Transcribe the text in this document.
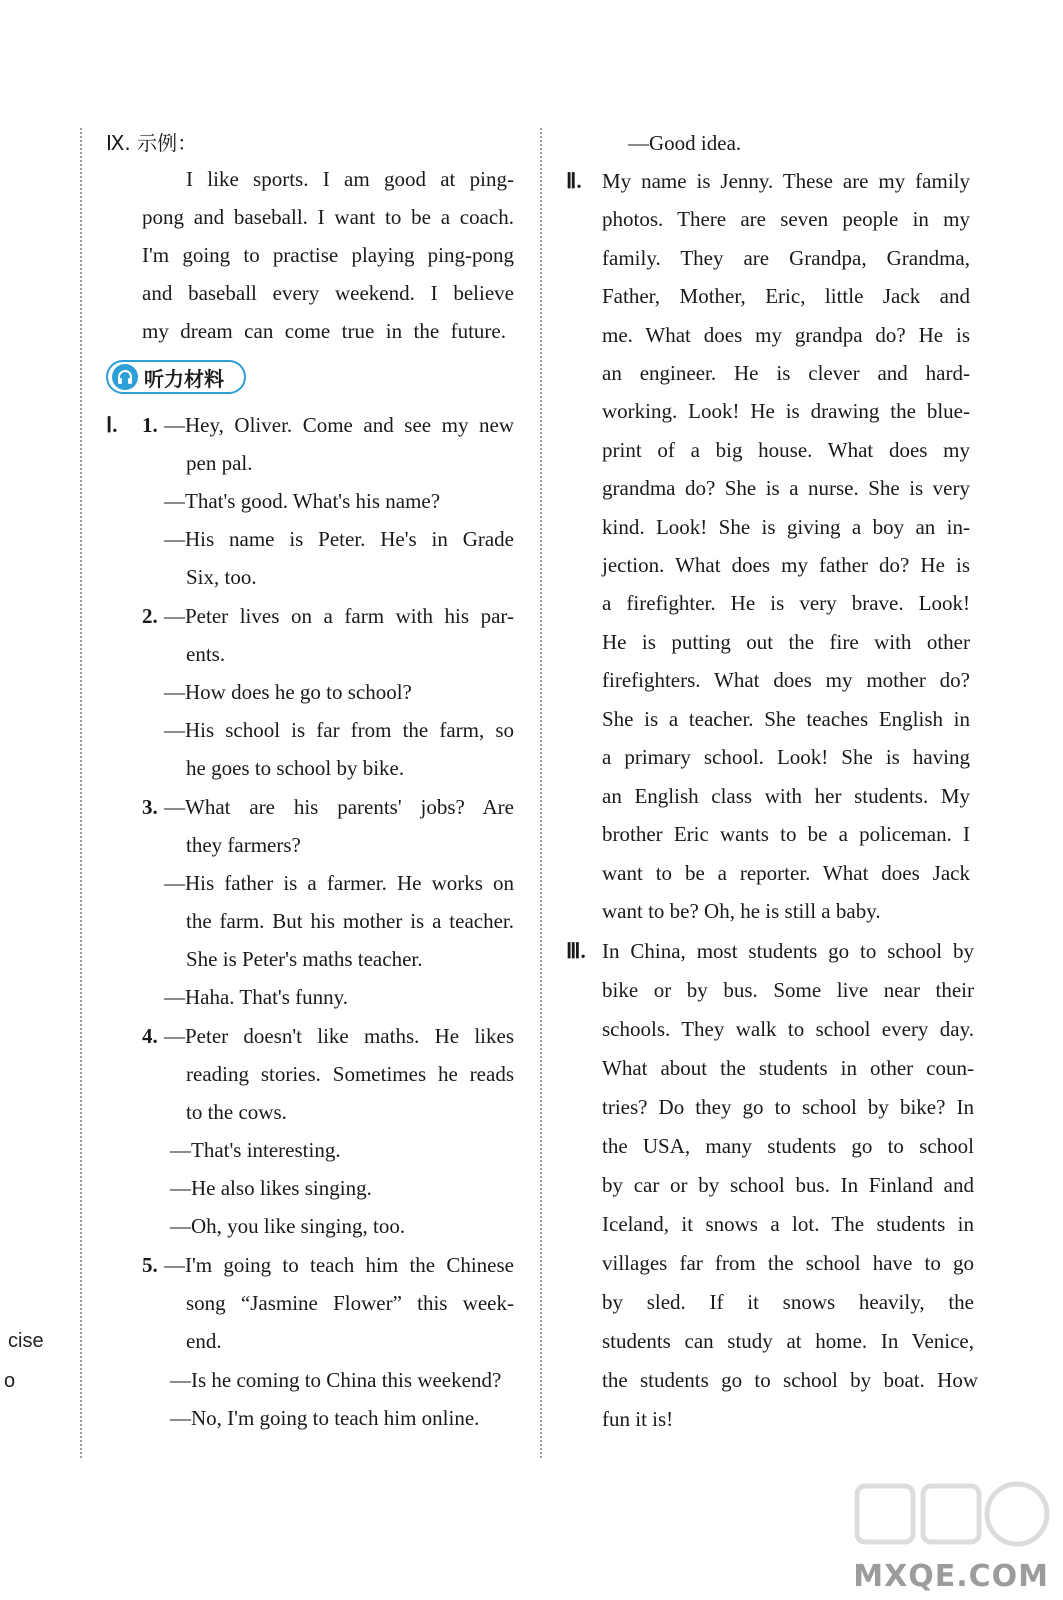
cise
o
Ⅸ. 示例：
I like sports. I am good at ping-
pong and baseball. I want to be a coach.
I'm going to practise playing ping-pong
and baseball every weekend. I believe
my dream can come true in the future.
听力材料
Ⅰ. 1. —Hey, Oliver. Come and see my new
pen pal.
—That's good. What's his name?
—His name is Peter. He's in Grade
Six, too.
2. —Peter lives on a farm with his par-
ents.
—How does he go to school?
—His school is far from the farm, so
he goes to school by bike.
3. —What are his parents' jobs? Are
they farmers?
—His father is a farmer. He works on
the farm. But his mother is a teacher.
She is Peter's maths teacher.
—Haha. That's funny.
4. —Peter doesn't like maths. He likes
reading stories. Sometimes he reads
to the cows.
—That's interesting.
—He also likes singing.
—Oh, you like singing, too.
5. —I'm going to teach him the Chinese
song “Jasmine Flower” this week-
end.
—Is he coming to China this weekend?
—No, I'm going to teach him online.
—Good idea.
Ⅱ. My name is Jenny. These are my family
photos. There are seven people in my
family. They are Grandpa, Grandma,
Father, Mother, Eric, little Jack and
me. What does my grandpa do? He is
an engineer. He is clever and hard-
working. Look! He is drawing the blue-
print of a big house. What does my
grandma do? She is a nurse. She is very
kind. Look! She is giving a boy an in-
jection. What does my father do? He is
a firefighter. He is very brave. Look!
He is putting out the fire with other
firefighters. What does my mother do?
She is a teacher. She teaches English in
a primary school. Look! She is having
an English class with her students. My
brother Eric wants to be a policeman. I
want to be a reporter. What does Jack
want to be? Oh, he is still a baby.
Ⅲ. In China, most students go to school by
bike or by bus. Some live near their
schools. They walk to school every day.
What about the students in other coun-
tries? Do they go to school by bike? In
the USA, many students go to school
by car or by school bus. In Finland and
Iceland, it snows a lot. The students in
villages far from the school have to go
by sled. If it snows heavily, the
students can study at home. In Venice,
the students go to school by boat. How
fun it is!
MXQE.COM
